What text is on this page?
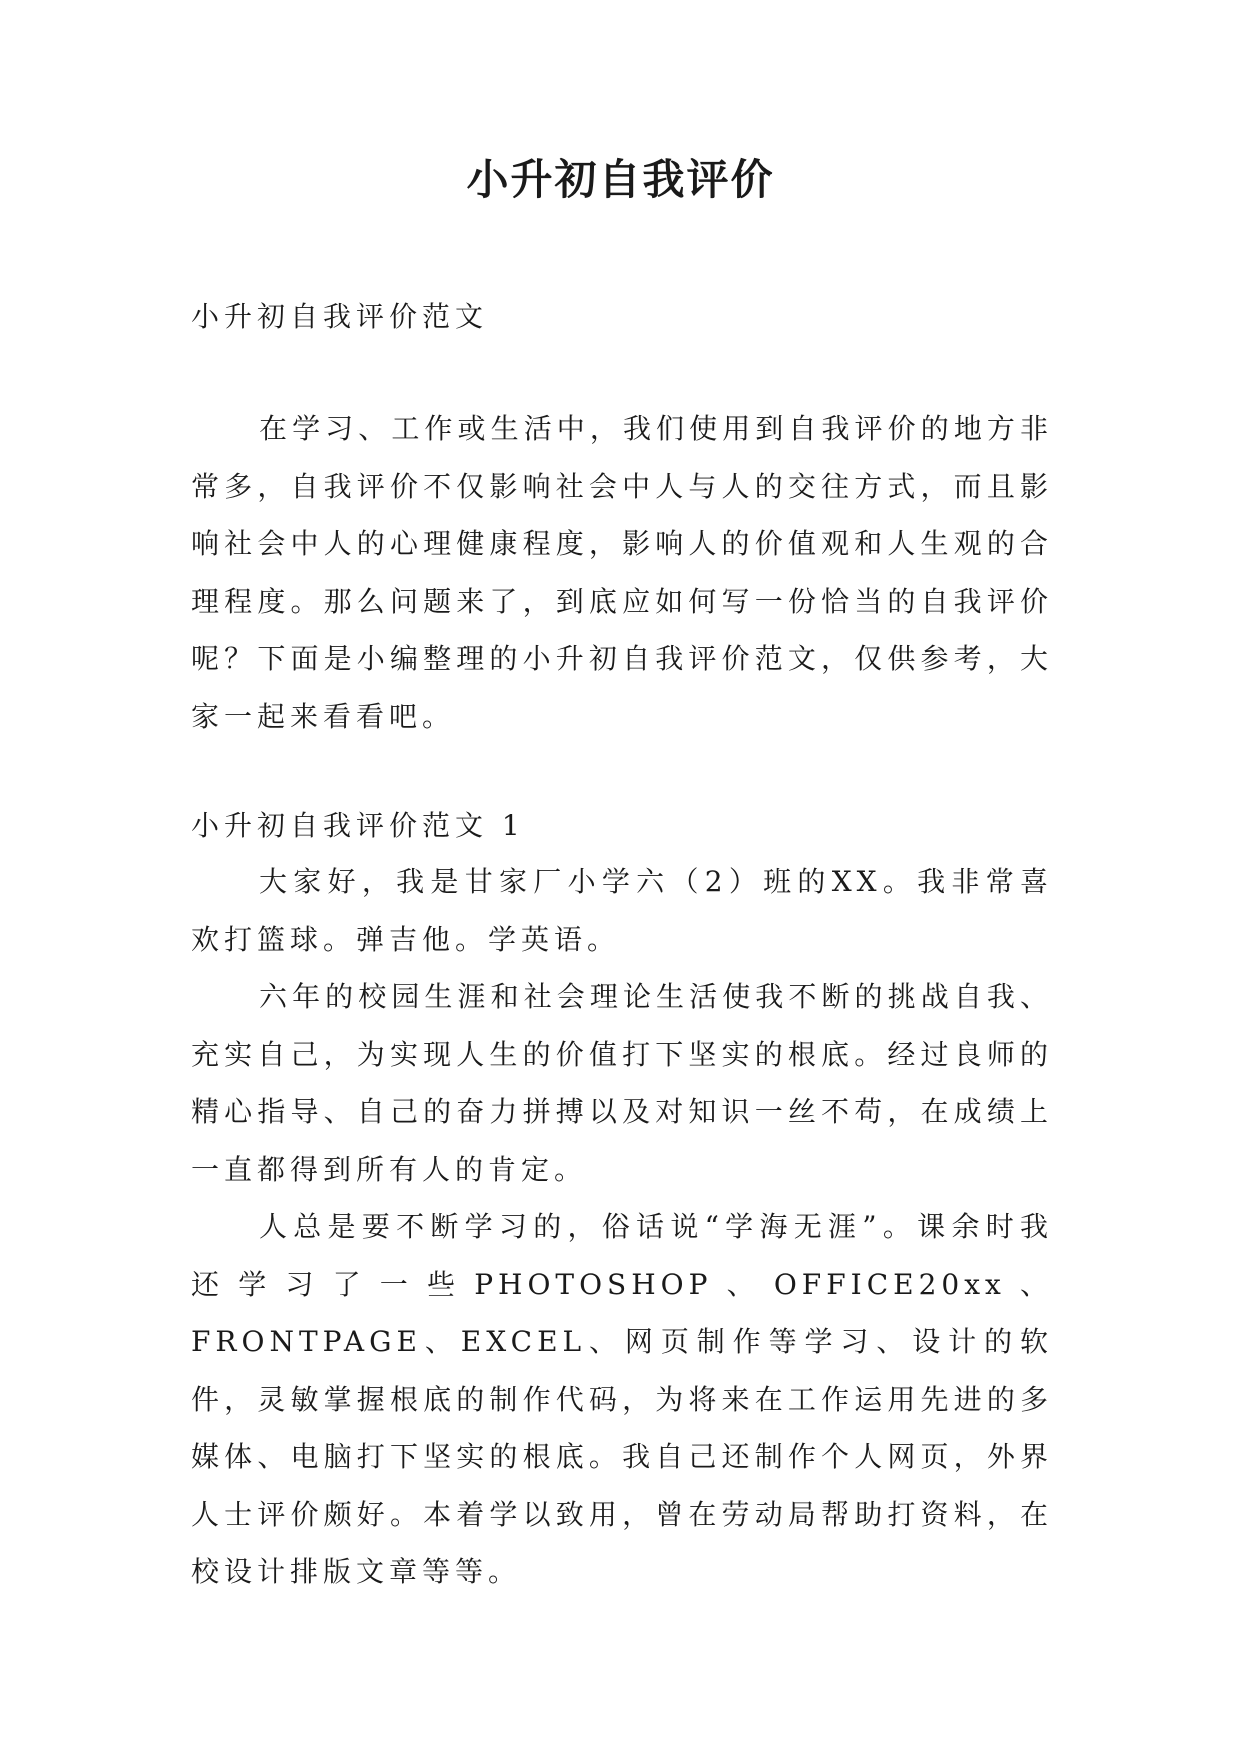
小升初自我评价

小升初自我评价范文

在学习、工作或生活中，我们使用到自我评价的地方非常多，自我评价不仅影响社会中人与人的交往方式，而且影响社会中人的心理健康程度，影响人的价值观和人生观的合理程度。那么问题来了，到底应如何写一份恰当的自我评价呢？下面是小编整理的小升初自我评价范文，仅供参考，大家一起来看看吧。

小升初自我评价范文 1

大家好，我是甘家厂小学六（2）班的XX。我非常喜欢打篮球。弹吉他。学英语。

六年的校园生涯和社会理论生活使我不断的挑战自我、充实自己，为实现人生的价值打下坚实的根底。经过良师的精心指导、自己的奋力拼搏以及对知识一丝不苟，在成绩上一直都得到所有人的肯定。

人总是要不断学习的，俗话说“学海无涯”。课余时我还学习了一些PHOTOSHOP、OFFICE20xx、FRONTPAGE、EXCEL、网页制作等学习、设计的软件，灵敏掌握根底的制作代码，为将来在工作运用先进的多媒体、电脑打下坚实的根底。我自己还制作个人网页，外界人士评价颇好。本着学以致用，曾在劳动局帮助打资料，在校设计排版文章等等。
